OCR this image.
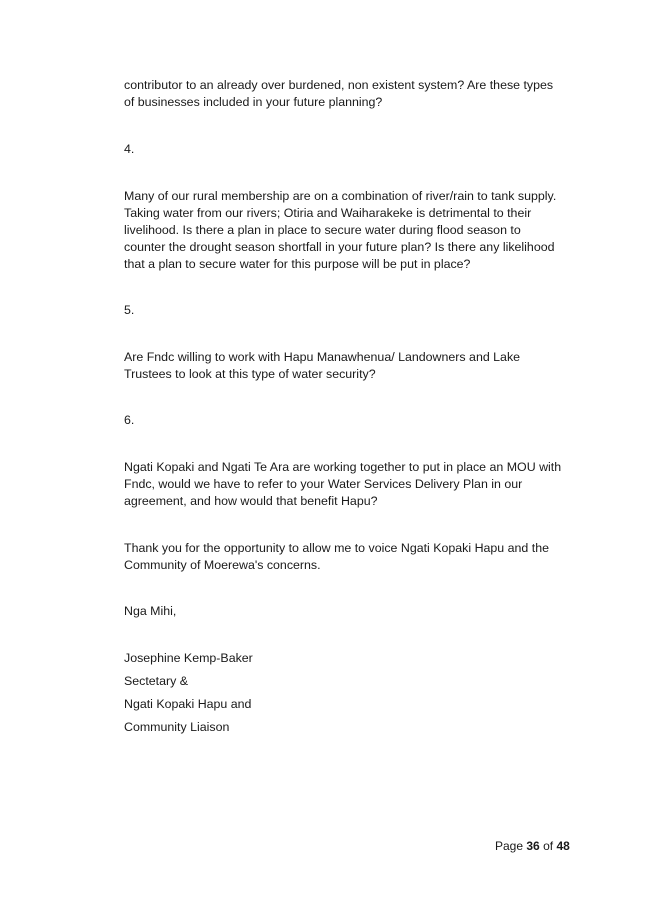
contributor to an already over burdened, non existent system? Are these types
of businesses included in your future planning?

4.

Many of our rural membership are on a combination of river/rain to tank supply.
Taking water from our rivers; Otiria and Waiharakeke is detrimental to their
livelihood. Is there a plan in place to secure water during flood season to
counter the drought season shortfall in your future plan? Is there any likelihood
that a plan to secure water for this purpose will be put in place?

5.

Are Fndc willing to work with Hapu Manawhenua/ Landowners and Lake
Trustees to look at this type of water security?

6.

Ngati Kopaki and Ngati Te Ara are working together to put in place an MOU with
Fndc, would we have to refer to your Water Services Delivery Plan in our
agreement, and how would that benefit Hapu?

Thank you for the opportunity to allow me to voice Ngati Kopaki Hapu and the
Community of Moerewa's concerns.

Nga Mihi,

Josephine Kemp-Baker

Sectetary &

Ngati Kopaki Hapu and

Community Liaison

Page 36 of 48
